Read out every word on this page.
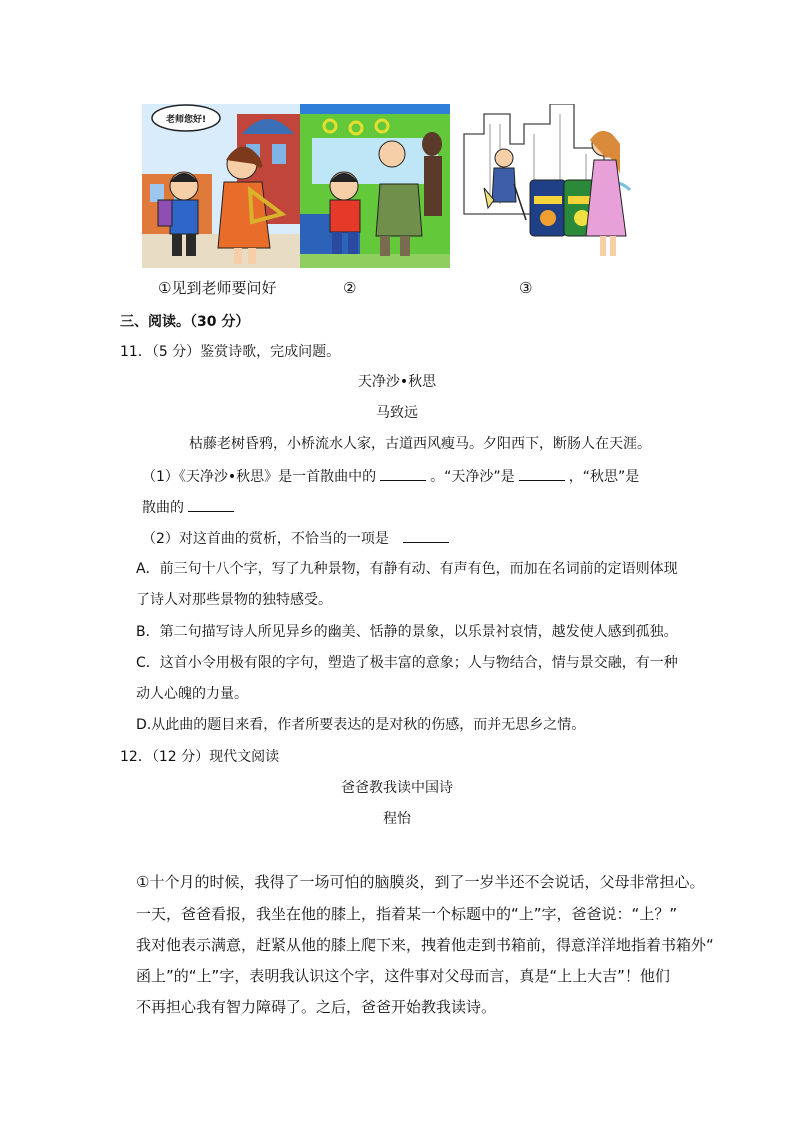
老师您好!
①见到老师要问好	②	③
三、阅读。（30 分）
11．（5 分）鉴赏诗歌，完成问题。
天净沙•秋思
马致远
枯藤老树昏鸦，小桥流水人家，古道西风瘦马。夕阳西下，断肠人在天涯。
（1）《天净沙•秋思》是一首散曲中的	。“天净沙”是	，“秋思”是
散曲的
（2）对这首曲的赏析，不恰当的一项是
A．前三句十八个字，写了九种景物，有静有动、有声有色，而加在名词前的定语则体现
了诗人对那些景物的独特感受。
B．第二句描写诗人所见异乡的幽美、恬静的景象，以乐景衬哀情，越发使人感到孤独。
C．这首小令用极有限的字句，塑造了极丰富的意象；人与物结合，情与景交融，有一种
动人心魄的力量。
D.从此曲的题目来看，作者所要表达的是对秋的伤感，而并无思乡之情。
12．（12 分）现代文阅读
爸爸教我读中国诗
程怡
①十个月的时候，我得了一场可怕的脑膜炎，到了一岁半还不会说话，父母非常担心。
一天，爸爸看报，我坐在他的膝上，指着某一个标题中的“上”字，爸爸说：“上？”
我对他表示满意，赶紧从他的膝上爬下来，拽着他走到书箱前，得意洋洋地指着书箱外“
函上”的“上”字，表明我认识这个字，这件事对父母而言，真是“上上大吉”！他们
不再担心我有智力障碍了。之后，爸爸开始教我读诗。
